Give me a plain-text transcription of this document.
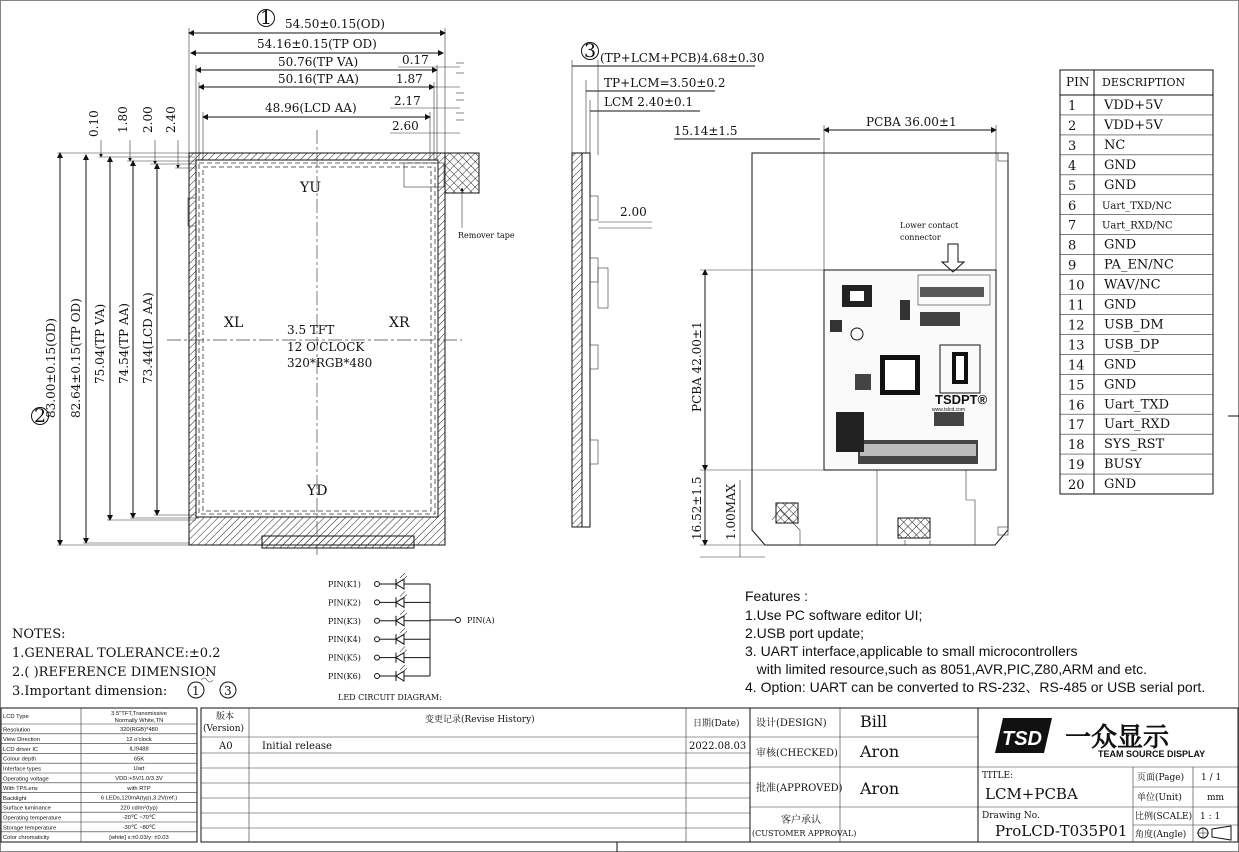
1 54.50±0.15(OD)
54.16±0.15(TP OD)
50.76(TP VA)
50.16(TP AA)
48.96(LCD AA)
0.17
1.87
2.17
2.60
0.10 1.80 2.00 2.40
2
83.00±0.15(OD) 82.64±0.15(TP OD) 75.04(TP VA) 74.54(TP AA) 73.44(LCD AA)
YU
YD
XL	XR
3.5 TFT
12 O'CLOCK
320*RGB*480
Remover tape
3 (TP+LCM+PCB)4.68±0.30
TP+LCM=3.50±0.2
LCM 2.40±0.1
2.00
15.14±1.5
PCBA 36.00±1
TSDPT®
www.tslcd.com
Lower contact
connector
PCBA 42.00±1
16.52±1.5 1.00MAX
PIN DESCRIPTION
1 VDD+5V
2 VDD+5V
3 NC
4 GND
5 GND
6	Uart_TXD/NC
7	Uart_RXD/NC
8 GND
9 PA_EN/NC
10 WAV/NC
11 GND
12 USB_DM
13 USB_DP
14 GND
15 GND
16 Uart_TXD
17 Uart_RXD
18 SYS_RST
19 BUSY
20 GND
PIN(K1)
PIN(K2)
PIN(K3)
PIN(K4)
PIN(K5)
PIN(K6)
PIN(A)
LED CIRCUIT DIAGRAM:
NOTES:
1.GENERAL TOLERANCE:±0.2
2.( )REFERENCE DIMENSION
3.Important dimension: 1 3
Features :
1.Use PC software editor UI;
2.USB port update;
3. UART interface,applicable to small microcontrollers
with limited resource,such as 8051,AVR,PIC,Z80,ARM and etc.
4. Option: UART can be converted to RS-232、RS-485 or USB serial port.
LCD Type	3.5"TFT,Transmissive
Normally White,TN
Resolution	320(RGB)*480
View Direction	12 o'clock
LCD driver IC	ILI9488
Colour depth	65K
Interface types	Uart
Operating voltage	VDD:+5V/1.0/3.3V
With TP/Lens	with RTP
Backlight	6 LEDs,120mA(typ),3.2V(ref.)
Surface luminance	220 cd/m²(typ)
Operating temperature	-20℃ ~70℃
Storage temperature	-30℃ ~80℃
Color chromaticity	[white] x:±0.03/y: ±0.03
版本
(Version)
变更记录(Revise History)	日期(Date)
A0	Initial release	2022.08.03
设计(DESIGN) Bill
审核(CHECKED) Aron
批准(APPROVED) Aron
客户承认
(CUSTOMER APPROVAL)
TSD 一众显示
TEAM SOURCE DISPLAY
TITLE:
LCM+PCBA
Drawing No.
ProLCD-T035P01
页面(Page) 1 / 1
单位(Unit)	mm
比例(SCALE) 1 : 1
角度(Angle)
